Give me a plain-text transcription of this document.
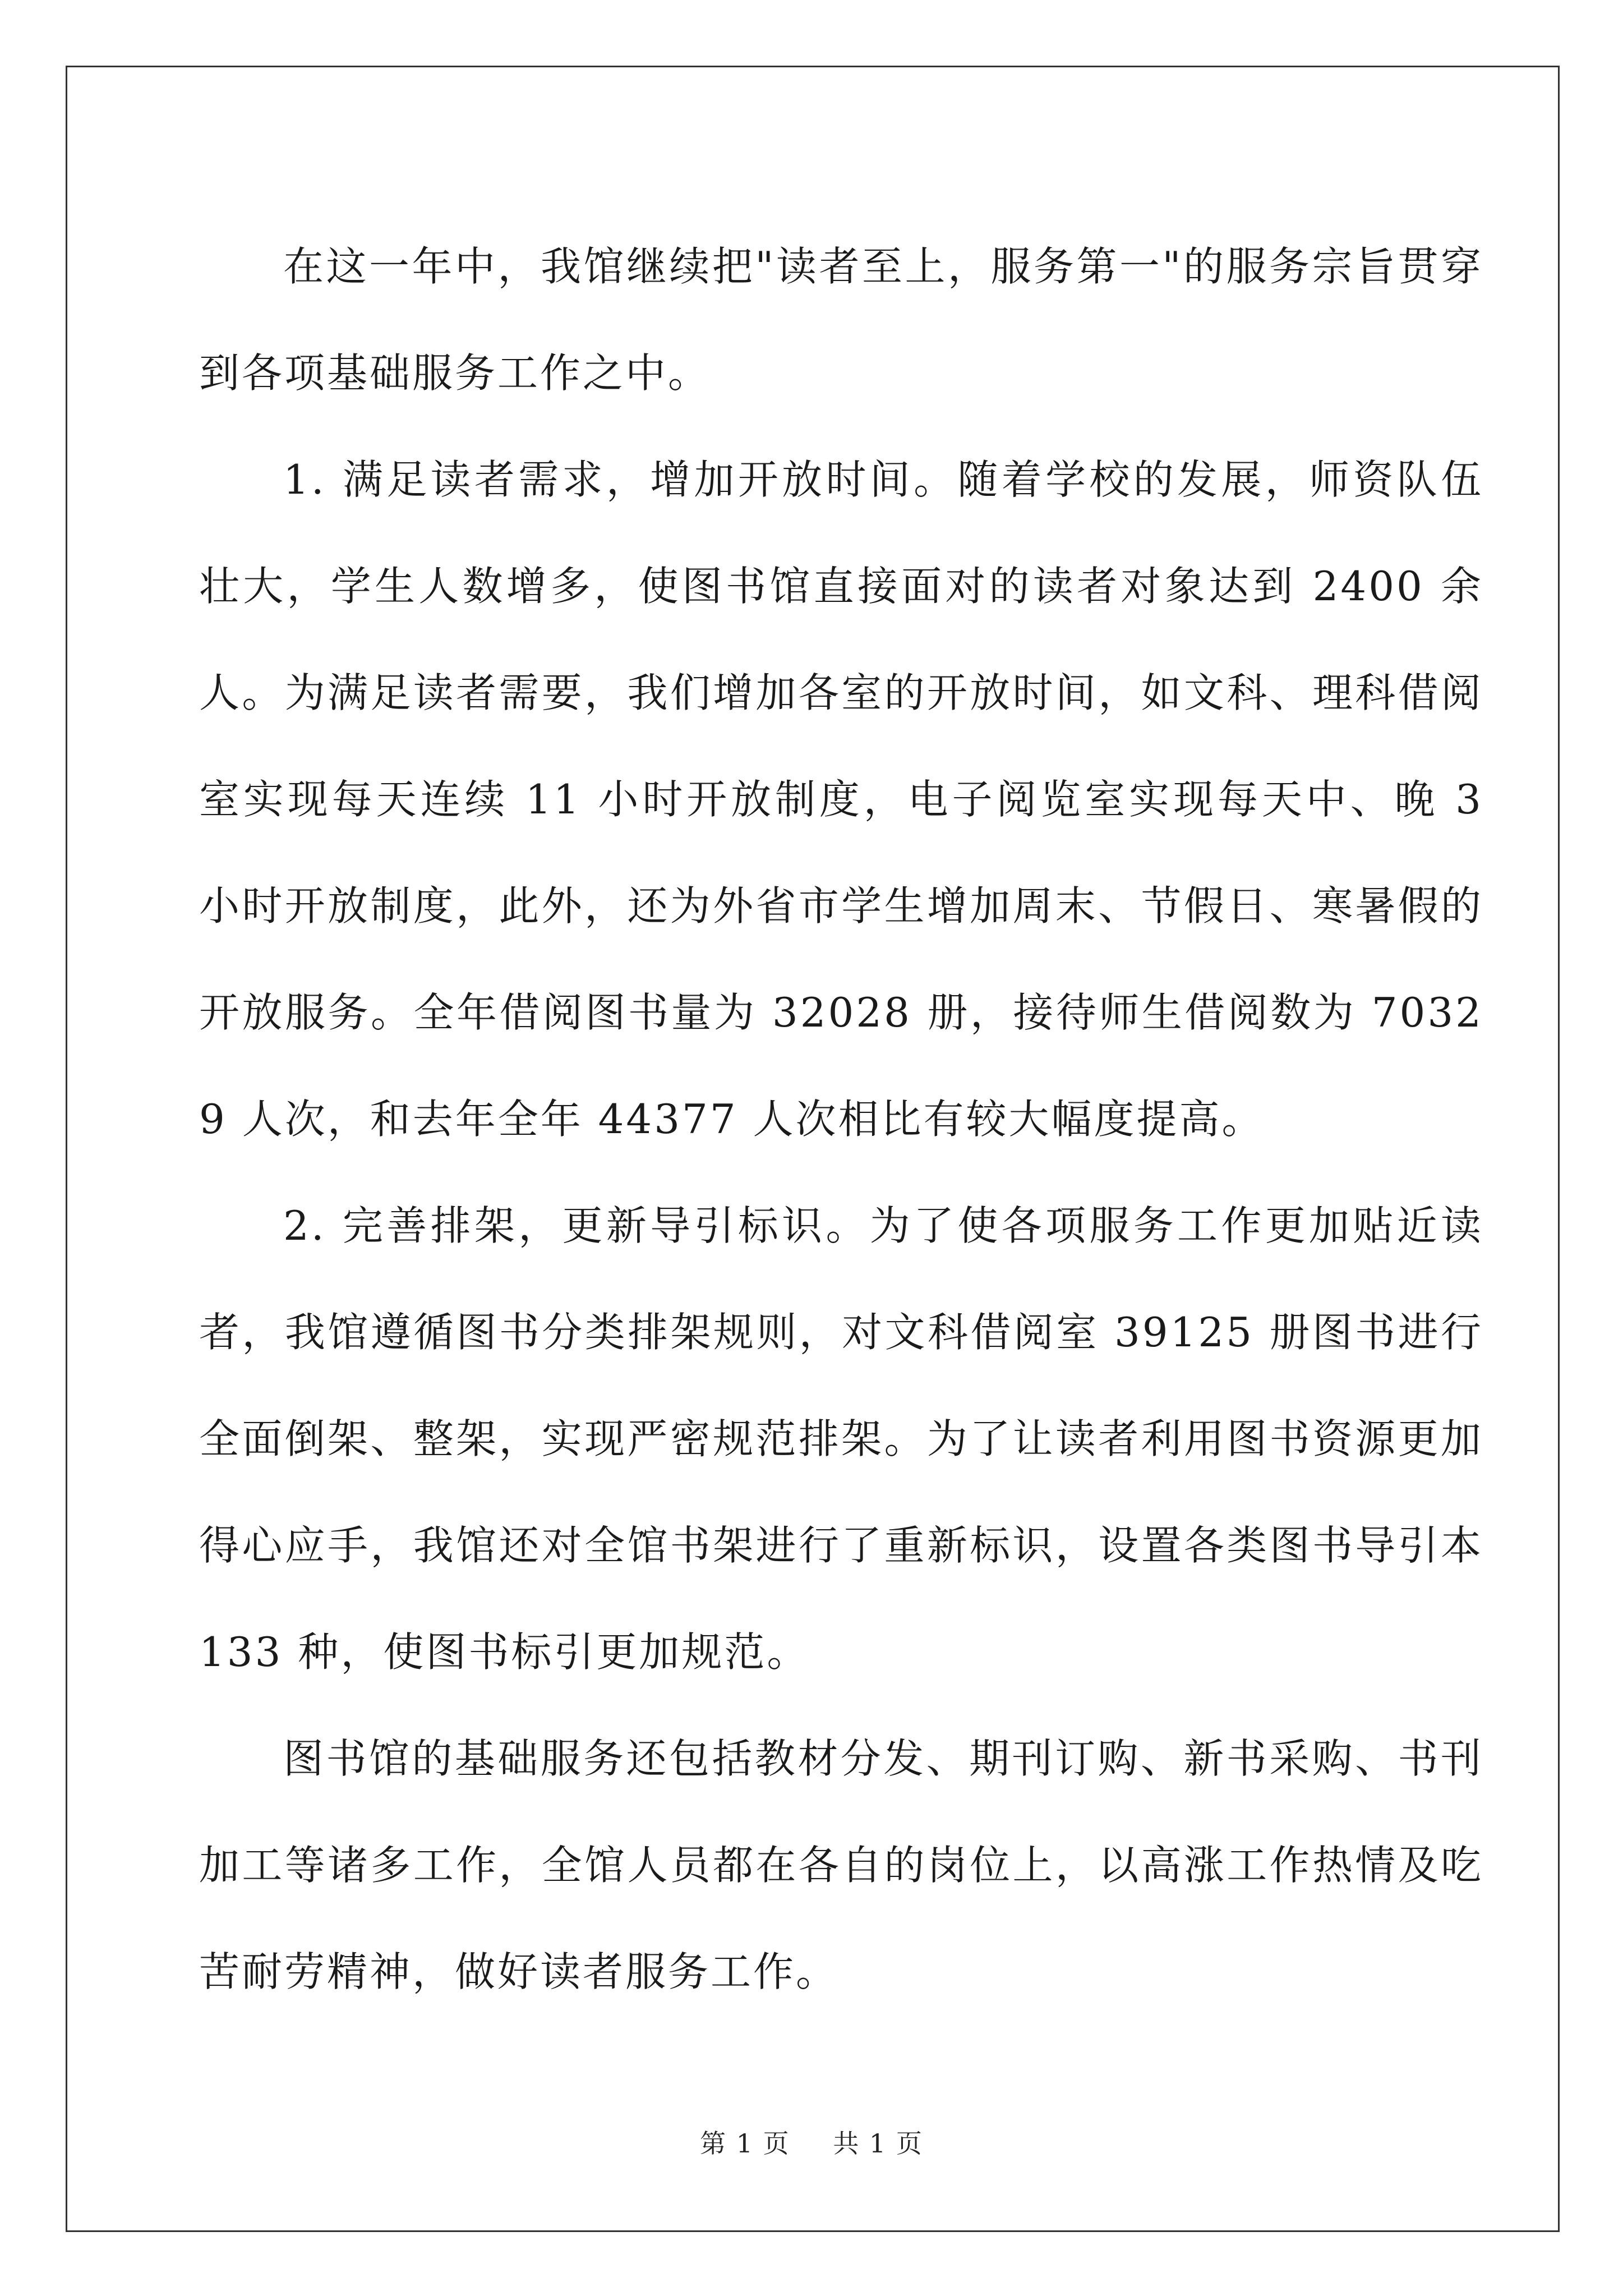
在这一年中，我馆继续把"读者至上，服务第一"的服务宗旨贯穿到各项基础服务工作之中。

1. 满足读者需求，增加开放时间。随着学校的发展，师资队伍壮大，学生人数增多，使图书馆直接面对的读者对象达到 2400 余人。为满足读者需要，我们增加各室的开放时间，如文科、理科借阅室实现每天连续 11 小时开放制度，电子阅览室实现每天中、晚 3 小时开放制度，此外，还为外省市学生增加周末、节假日、寒暑假的开放服务。全年借阅图书量为 32028 册，接待师生借阅数为 70329 人次，和去年全年 44377 人次相比有较大幅度提高。

2. 完善排架，更新导引标识。为了使各项服务工作更加贴近读者，我馆遵循图书分类排架规则，对文科借阅室 39125 册图书进行全面倒架、整架，实现严密规范排架。为了让读者利用图书资源更加得心应手，我馆还对全馆书架进行了重新标识，设置各类图书导引本 133 种，使图书标引更加规范。

图书馆的基础服务还包括教材分发、期刊订购、新书采购、书刊加工等诸多工作，全馆人员都在各自的岗位上，以高涨工作热情及吃苦耐劳精神，做好读者服务工作。

第 1 页 共 1 页
